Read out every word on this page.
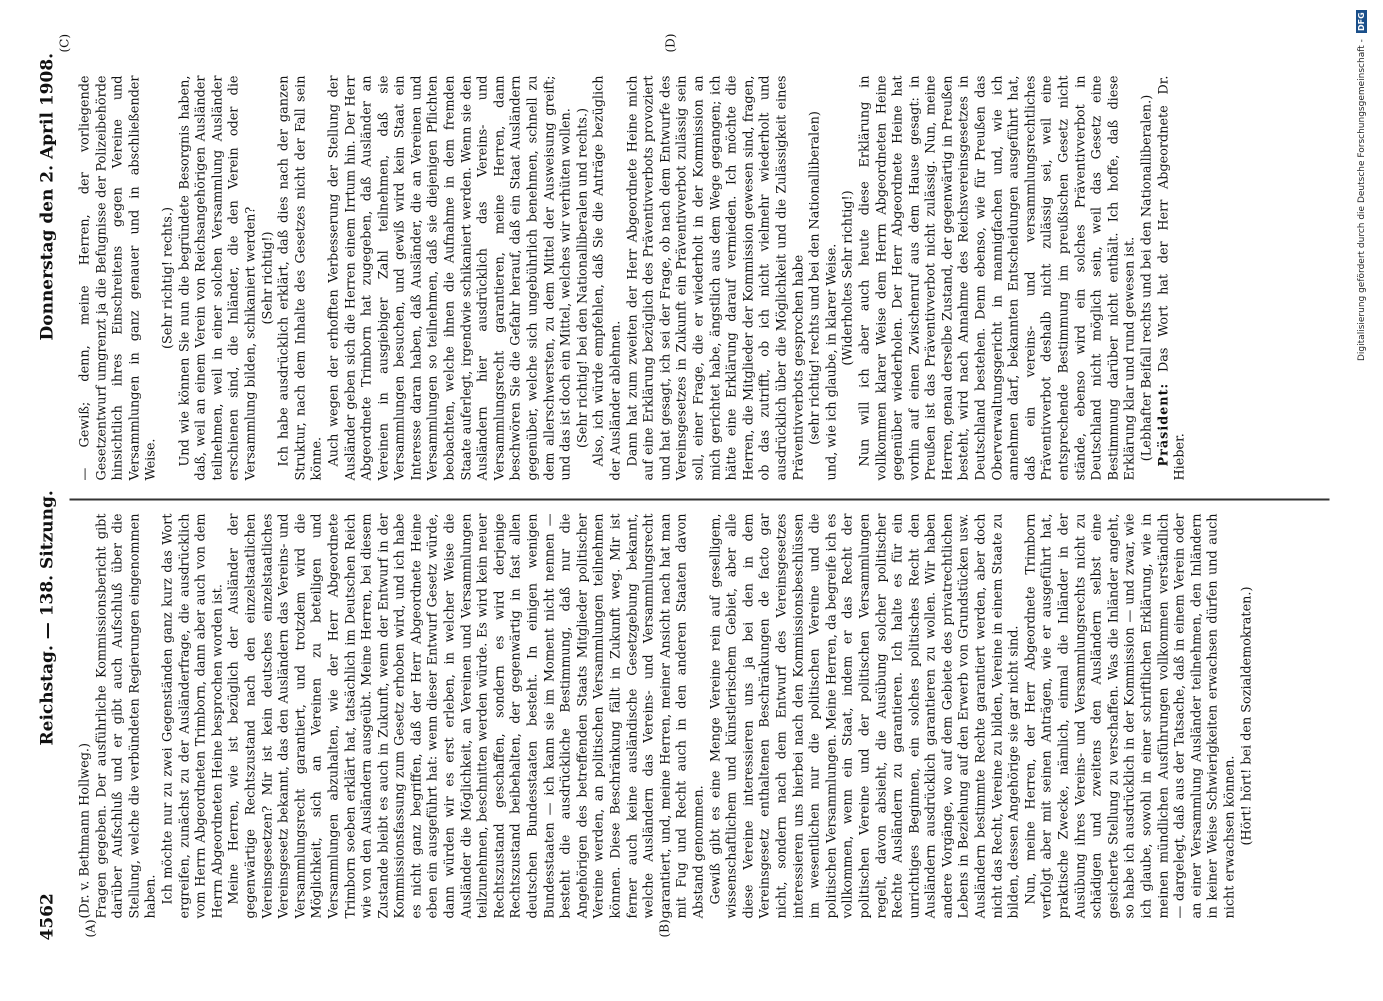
4562
Reichstag. — 138. Sitzung.
Donnerstag den 2. April 1908.
(A)	(B)
(C)	(D)

(Dr. v. Bethmann Hollweg.) Fragen gegeben. Der ausführliche Kommissionsbericht gibt darüber Aufschluß und er gibt auch Aufschluß über die Stellung, welche die verbündeten Regierungen eingenommen haben. Ich möchte nur zu zwei Gegenständen ganz kurz das Wort ergreifen, zunächst zu der Ausländerfrage, die ausdrücklich vom Herrn Abgeordneten Trimborn, dann aber auch von dem Herrn Abgeordneten Heine besprochen worden ist. Meine Herren, wie ist bezüglich der Ausländer der gegenwärtige Rechtszustand nach den einzelstaatlichen Vereinsgesetzen? Mir ist kein deutsches einzelstaatliches Vereinsgesetz bekannt, das den Ausländern das Vereins- und Versammlungsrecht garantiert, und trotzdem wird die Möglichkeit, sich an Vereinen zu beteiligen und Versammlungen abzuhalten, wie der Herr Abgeordnete Trimborn soeben erklärt hat, tatsächlich im Deutschen Reich wie von den Ausländern ausgeübt. Meine Herren, bei diesem Zustande bleibt es auch in Zukunft, wenn der Entwurf in der Kommissionsfassung zum Gesetz erhoben wird, und ich habe es nicht ganz begriffen, daß der Herr Abgeordnete Heine eben ein ausgeführt hat: wenn dieser Entwurf Gesetz würde, dann würden wir es erst erleben, in welcher Weise die Ausländer die Möglichkeit, an Vereinen und Versammlungen teilzunehmen, beschnitten werden würde. Es wird kein neuer Rechtszustand geschaffen, sondern es wird derjenige Rechtszustand beibehalten, der gegenwärtig in fast allen deutschen Bundesstaaten besteht. In einigen wenigen Bundesstaaten — ich kann sie im Moment nicht nennen — besteht die ausdrückliche Bestimmung, daß nur die Angehörigen des betreffenden Staats Mitglieder politischer Vereine werden, an politischen Versammlungen teilnehmen können. Diese Beschränkung fällt in Zukunft weg. Mir ist ferner auch keine ausländische Gesetzgebung bekannt, welche Ausländern das Vereins- und Versammlungsrecht garantiert, und, meine Herren, meiner Ansicht nach hat man mit Fug und Recht auch in den anderen Staaten davon Abstand genommen. Gewiß gibt es eine Menge Vereine rein auf geselligem, wissenschaftlichem und künstlerischem Gebiet, aber alle diese Vereine interessieren uns ja bei den in dem Vereinsgesetz enthaltenen Beschränkungen de facto gar nicht, sondern nach dem Entwurf des Vereinsgesetzes interessieren uns hierbei nach den Kommissionsbeschlüssen im wesentlichen nur die politischen Vereine und die politischen Versammlungen. Meine Herren, da begreife ich es vollkommen, wenn ein Staat, indem er das Recht der politischen Vereine und der politischen Versammlungen regelt, davon absieht, die Ausübung solcher politischer Rechte Ausländern zu garantieren. Ich halte es für ein unrichtiges Beginnen, ein solches politisches Recht den Ausländern ausdrücklich garantieren zu wollen. Wir haben andere Vorgänge, wo auf dem Gebiete des privatrechtlichen Lebens in Beziehung auf den Erwerb von Grundstücken usw. Ausländern bestimmte Rechte garantiert werden, aber doch nicht das Recht, Vereine zu bilden, Vereine in einem Staate zu bilden, dessen Angehörige sie gar nicht sind. Nun, meine Herren, der Herr Abgeordnete Trimborn verfolgt aber mit seinen Anträgen, wie er ausgeführt hat, praktische Zwecke, nämlich, einmal die Inländer in der Ausübung ihres Vereins- und Versammlungsrechts nicht zu schädigen und zweitens den Ausländern selbst eine gesicherte Stellung zu verschaffen. Was die Inländer angeht, so habe ich ausdrücklich in der Kommission — und zwar, wie ich glaube, sowohl in einer schriftlichen Erklärung, wie in meinen mündlichen Ausführungen vollkommen verständlich — dargelegt, daß aus der Tatsache, daß in einem Verein oder an einer Versammlung Ausländer teilnehmen, den Inländern in keiner Weise Schwierigkeiten erwachsen dürfen und auch nicht erwachsen können. (Hört! hört! bei den Sozialdemokraten.)

— Gewiß; denn, meine Herren, der vorliegende Gesetzentwurf umgrenzt ja die Befugnisse der Polizeibehörde hinsichtlich ihres Einschreitens gegen Vereine und Versammlungen in ganz genauer und in abschließender Weise.

(Sehr richtig! rechts.) Und wie können Sie nun die begründete Besorgnis haben, daß, weil an einem Verein von Reichsangehörigen Ausländer teilnehmen, weil in einer solchen Versammlung Ausländer erschienen sind, die Inländer, die den Verein oder die Versammlung bilden, schikaniert werden? (Sehr richtig!) Ich habe ausdrücklich erklärt, daß dies nach der ganzen Struktur, nach dem Inhalte des Gesetzes nicht der Fall sein könne. Auch wegen der erhofften Verbesserung der Stellung der Ausländer geben sich die Herren einem Irrtum hin. Der Herr Abgeordnete Trimborn hat zugegeben, daß Ausländer an Vereinen in ausgiebiger Zahl teilnehmen, daß sie Versammlungen besuchen, und gewiß wird kein Staat ein Interesse daran haben, daß Ausländer, die an Vereinen und Versammlungen so teilnehmen, daß sie diejenigen Pflichten beobachten, welche ihnen die Aufnahme in dem fremden Staate auferlegt, irgendwie schikaniert werden. Wenn sie den Ausländern hier ausdrücklich das Vereins- und Versammlungsrecht garantieren, meine Herren, dann beschwören Sie die Gefahr herauf, daß ein Staat Ausländern gegenüber, welche sich ungebührlich benehmen, schnell zu dem allerschwersten, zu dem Mittel der Ausweisung greift; und das ist doch ein Mittel, welches wir verhüten wollen. (Sehr richtig! bei den Nationalliberalen und rechts.) Also, ich würde empfehlen, daß Sie die Anträge bezüglich der Ausländer ablehnen. Dann hat zum zweiten der Herr Abgeordnete Heine mich auf eine Erklärung bezüglich des Präventivverbots provoziert und hat gesagt, ich sei der Frage, ob nach dem Entwurfe des Vereinsgesetzes in Zukunft ein Präventivverbot zulässig sein soll, einer Frage, die er wiederholt in der Kommission an mich gerichtet habe, ängstlich aus dem Wege gegangen; ich hätte eine Erklärung darauf vermieden. Ich möchte die Herren, die Mitglieder der Kommission gewesen sind, fragen, ob das zutrifft, ob ich nicht vielmehr wiederholt und ausdrücklich über die Möglichkeit und die Zulässigkeit eines Präventivverbots gesprochen habe (sehr richtig! rechts und bei den Nationalliberalen) und, wie ich glaube, in klarer Weise. (Widerholtes Sehr richtig!) Nun will ich aber auch heute diese Erklärung in vollkommen klarer Weise dem Herrn Abgeordneten Heine gegenüber wiederholen. Der Herr Abgeordnete Heine hat vorhin auf einen Zwischenruf aus dem Hause gesagt: in Preußen ist das Präventivverbot nicht zulässig. Nun, meine Herren, genau derselbe Zustand, der gegenwärtig in Preußen besteht, wird nach Annahme des Reichsvereinsgesetzes in Deutschland bestehen. Denn ebenso, wie für Preußen das Oberverwaltungsgericht in mannigfachen und, wie ich annehmen darf, bekannten Entscheidungen ausgeführt hat, daß ein vereins- und versammlungsrechtliches Präventivverbot deshalb nicht zulässig sei, weil eine entsprechende Bestimmung im preußischen Gesetz nicht stände, ebenso wird ein solches Präventivverbot in Deutschland nicht möglich sein, weil das Gesetz eine Bestimmung darüber nicht enthält. Ich hoffe, daß diese Erklärung klar und rund gewesen ist. (Lebhafter Beifall rechts und bei den Nationalliberalen.) Präsident: Das Wort hat der Herr Abgeordnete Dr. Hieber.

Digitalisierung gefördert durch die Deutsche Forschungsgemeinschaft - DFG
